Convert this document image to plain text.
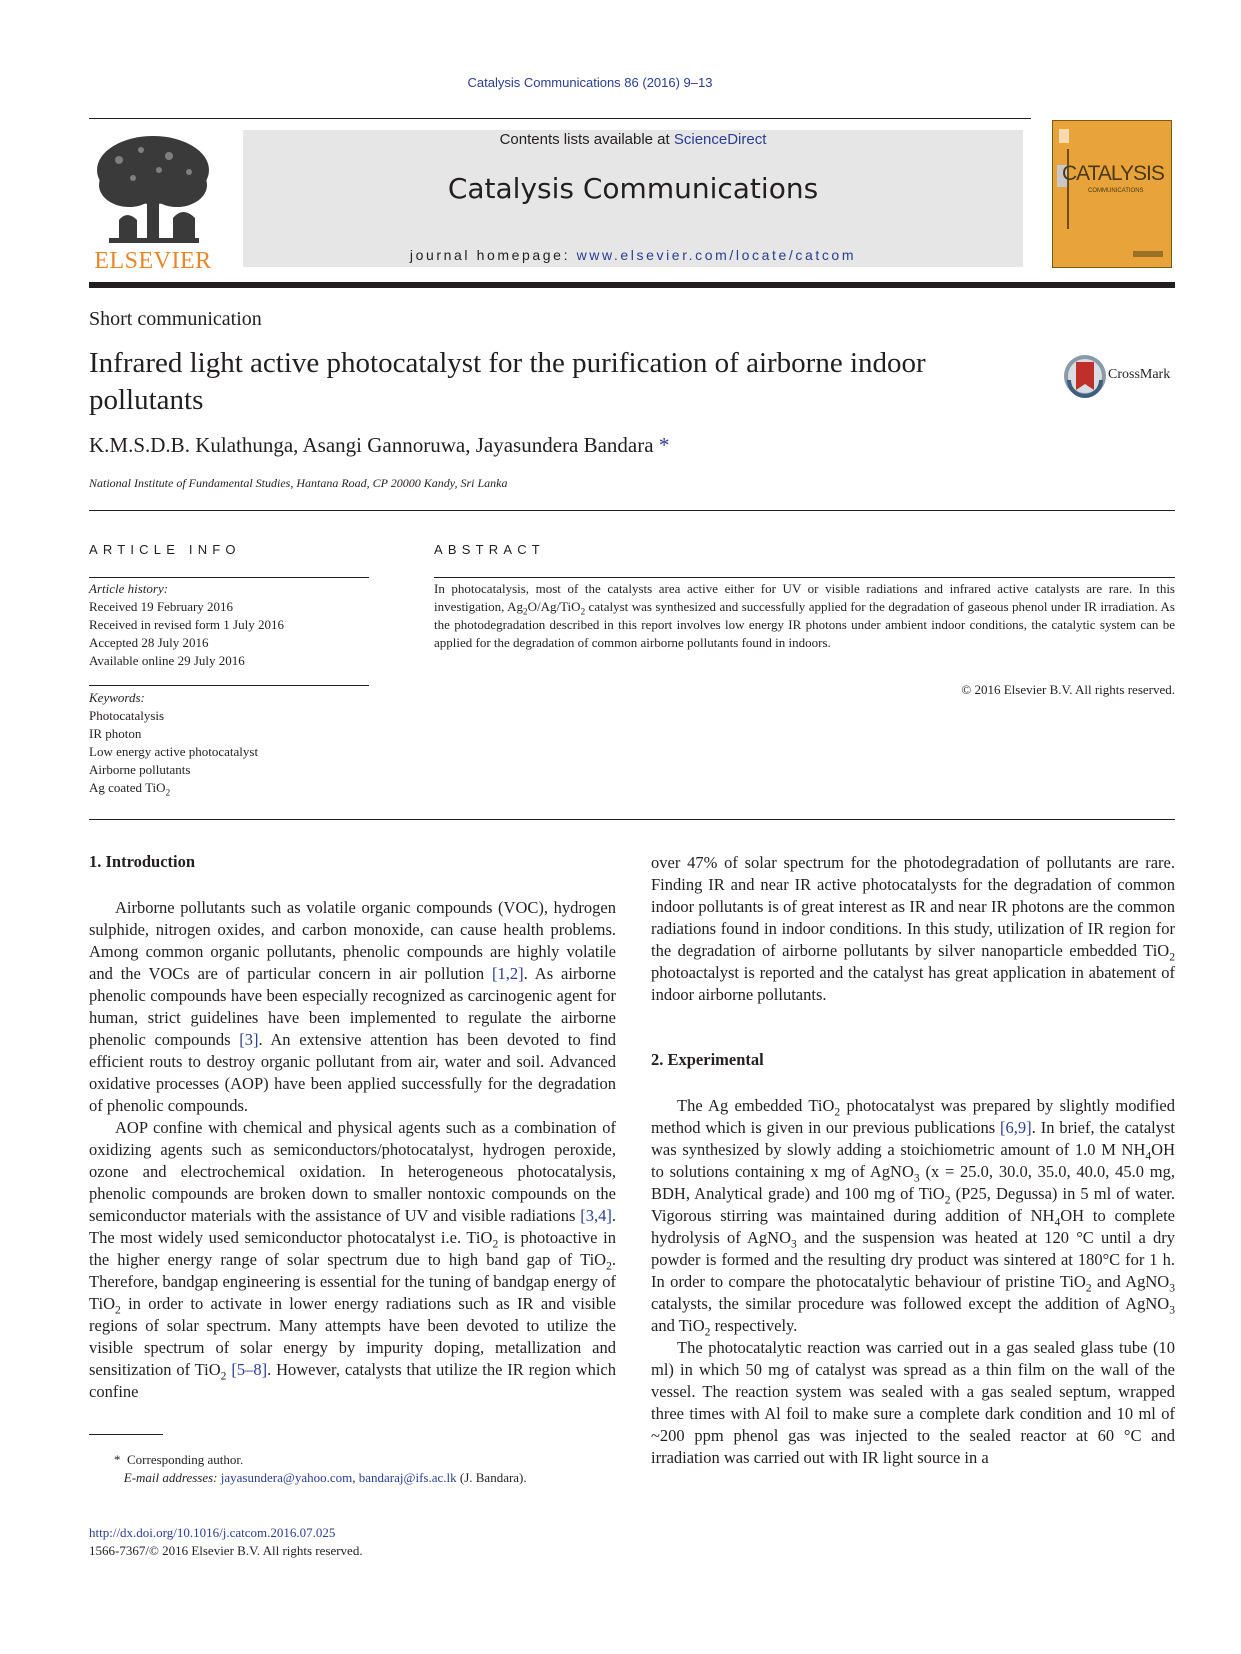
Catalysis Communications 86 (2016) 9–13
ELSEVIER
Contents lists available at ScienceDirect
Catalysis Communications
journal homepage: www.elsevier.com/locate/catcom
CATALYSIS
COMMUNICATIONS
Short communication
Infrared light active photocatalyst for the purification of airborne indoor pollutants
CrossMark
K.M.S.D.B. Kulathunga, Asangi Gannoruwa, Jayasundera Bandara *
National Institute of Fundamental Studies, Hantana Road, CP 20000 Kandy, Sri Lanka
ARTICLE INFO	ABSTRACT
Article history:
Received 19 February 2016
Received in revised form 1 July 2016
Accepted 28 July 2016
Available online 29 July 2016
Keywords:
Photocatalysis
IR photon
Low energy active photocatalyst
Airborne pollutants
Ag coated TiO$_2$
In photocatalysis, most of the catalysts area active either for UV or visible radiations and infrared active catalysts are rare. In this investigation, $Ag_2O/Ag/TiO_2$ catalyst was synthesized and successfully applied for the degradation of gaseous phenol under IR irradiation. As the photodegradation described in this report involves low energy IR photons under ambient indoor conditions, the catalytic system can be applied for the degradation of common airborne pollutants found in indoors.
© 2016 Elsevier B.V. All rights reserved.
1. Introduction

Airborne pollutants such as volatile organic compounds (VOC), hydrogen sulphide, nitrogen oxides, and carbon monoxide, can cause health problems. Among common organic pollutants, phenolic compounds are highly volatile and the VOCs are of particular concern in air pollution [1,2]. As airborne phenolic compounds have been especially recognized as carcinogenic agent for human, strict guidelines have been implemented to regulate the airborne phenolic compounds [3]. An extensive attention has been devoted to find efficient routs to destroy organic pollutant from air, water and soil. Advanced oxidative processes (AOP) have been applied successfully for the degradation of phenolic compounds.

AOP confine with chemical and physical agents such as a combination of oxidizing agents such as semiconductors/photocatalyst, hydrogen peroxide, ozone and electrochemical oxidation. In heterogeneous photocatalysis, phenolic compounds are broken down to smaller nontoxic compounds on the semiconductor materials with the assistance of UV and visible radiations [3,4]. The most widely used semiconductor photocatalyst i.e. TiO$_2$ is photoactive in the higher energy range of solar spectrum due to high band gap of TiO$_2$. Therefore, bandgap engineering is essential for the tuning of bandgap energy of TiO$_2$ in order to activate in lower energy radiations such as IR and visible regions of solar spectrum. Many attempts have been devoted to utilize the visible spectrum of solar energy by impurity doping, metallization and sensitization of TiO$_2$ [5–8]. However, catalysts that utilize the IR region which confine

over 47% of solar spectrum for the photodegradation of pollutants are rare. Finding IR and near IR active photocatalysts for the degradation of common indoor pollutants is of great interest as IR and near IR photons are the common radiations found in indoor conditions. In this study, utilization of IR region for the degradation of airborne pollutants by silver nanoparticle embedded TiO$_2$ photoactalyst is reported and the catalyst has great application in abatement of indoor airborne pollutants.

2. Experimental

The Ag embedded TiO$_2$ photocatalyst was prepared by slightly modified method which is given in our previous publications [6,9]. In brief, the catalyst was synthesized by slowly adding a stoichiometric amount of 1.0 M $NH_4OH$ to solutions containing x mg of AgNO$_3$ (x = 25.0, 30.0, 35.0, 40.0, 45.0 mg, BDH, Analytical grade) and 100 mg of TiO$_2$ (P25, Degussa) in 5 ml of water. Vigorous stirring was maintained during addition of $NH_4OH$ to complete hydrolysis of AgNO$_3$ and the suspension was heated at 120 °C until a dry powder is formed and the resulting dry product was sintered at 180°C for 1 h. In order to compare the photocatalytic behaviour of pristine TiO$_2$ and AgNO$_3$ catalysts, the similar procedure was followed except the addition of AgNO$_3$ and TiO$_2$ respectively.

The photocatalytic reaction was carried out in a gas sealed glass tube (10 ml) in which 50 mg of catalyst was spread as a thin film on the wall of the vessel. The reaction system was sealed with a gas sealed septum, wrapped three times with Al foil to make sure a complete dark condition and 10 ml of ~200 ppm phenol gas was injected to the sealed reactor at 60 °C and irradiation was carried out with IR light source in a

* Corresponding author.
E-mail addresses: jayasundera@yahoo.com, bandaraj@ifs.ac.lk (J. Bandara).
http://dx.doi.org/10.1016/j.catcom.2016.07.025
1566-7367/© 2016 Elsevier B.V. All rights reserved.
